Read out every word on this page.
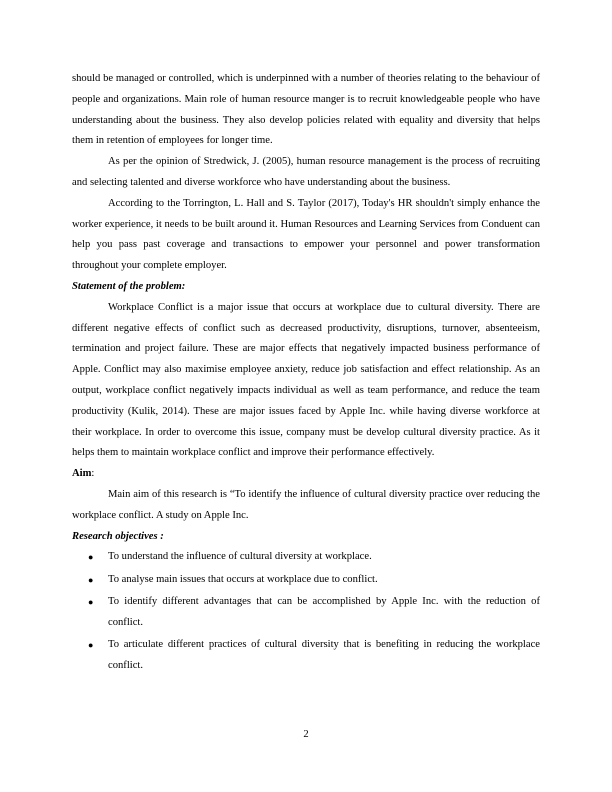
should be managed or controlled, which is underpinned with a number of theories relating to the behaviour of people and organizations. Main role of human resource manger is to recruit knowledgeable people who have understanding about the business. They also develop policies related with equality and diversity that helps them in retention of employees for longer time.

As per the opinion of Stredwick, J. (2005), human resource management is the process of recruiting and selecting talented and diverse workforce who have understanding about the business.

According to the Torrington, L. Hall and S. Taylor (2017), Today's HR shouldn't simply enhance the worker experience, it needs to be built around it. Human Resources and Learning Services from Conduent can help you pass past coverage and transactions to empower your personnel and power transformation throughout your complete employer.

Statement of the problem:

Workplace Conflict is a major issue that occurs at workplace due to cultural diversity. There are different negative effects of conflict such as decreased productivity, disruptions, turnover, absenteeism, termination and project failure. These are major effects that negatively impacted business performance of Apple. Conflict may also maximise employee anxiety, reduce job satisfaction and effect relationship. As an output, workplace conflict negatively impacts individual as well as team performance, and reduce the team productivity (Kulik, 2014). These are major issues faced by Apple Inc. while having diverse workforce at their workplace. In order to overcome this issue, company must be develop cultural diversity practice. As it helps them to maintain workplace conflict and improve their performance effectively.

Aim:

Main aim of this research is “To identify the influence of cultural diversity practice over reducing the workplace conflict. A study on Apple Inc.

Research objectives :

● To understand the influence of cultural diversity at workplace.
● To analyse main issues that occurs at workplace due to conflict.
● To identify different advantages that can be accomplished by Apple Inc. with the reduction of conflict.
● To articulate different practices of cultural diversity that is benefiting in reducing the workplace conflict.
2
